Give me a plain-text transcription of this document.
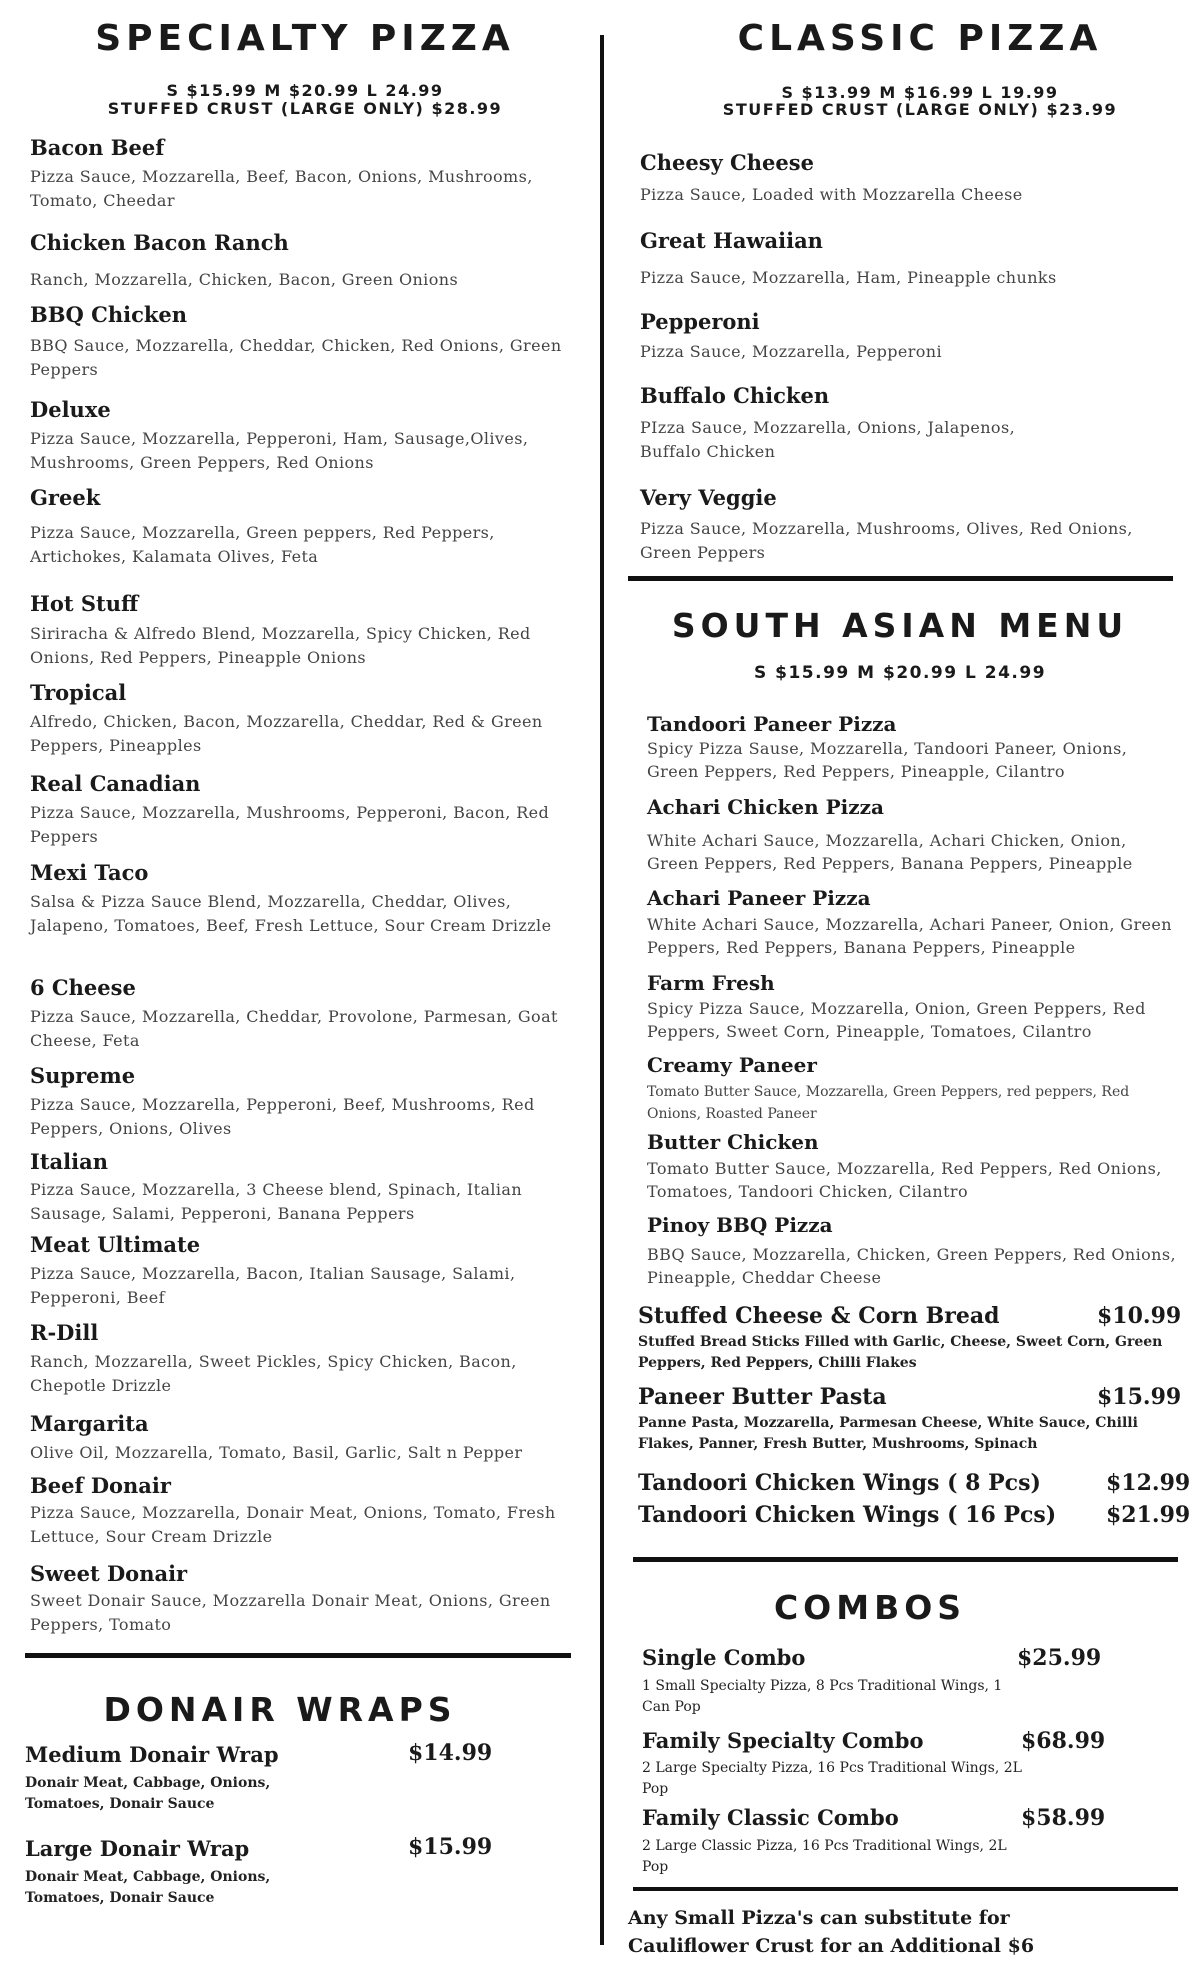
SPECIALTY PIZZA
S $15.99 M $20.99 L 24.99
STUFFED CRUST (LARGE ONLY) $28.99
Bacon Beef
Pizza Sauce, Mozzarella, Beef, Bacon, Onions, Mushrooms, Tomato, Cheedar
Chicken Bacon Ranch
Ranch, Mozzarella, Chicken, Bacon, Green Onions
BBQ Chicken
BBQ Sauce, Mozzarella, Cheddar, Chicken, Red Onions, Green Peppers
Deluxe
Pizza Sauce, Mozzarella, Pepperoni, Ham, Sausage,Olives, Mushrooms, Green Peppers, Red Onions
Greek
Pizza Sauce, Mozzarella, Green peppers, Red Peppers, Artichokes, Kalamata Olives, Feta
Hot Stuff
Siriracha & Alfredo Blend, Mozzarella, Spicy Chicken, Red Onions, Red Peppers, Pineapple Onions
Tropical
Alfredo, Chicken, Bacon, Mozzarella, Cheddar, Red & Green Peppers, Pineapples
Real Canadian
Pizza Sauce, Mozzarella, Mushrooms, Pepperoni, Bacon, Red Peppers
Mexi Taco
Salsa & Pizza Sauce Blend, Mozzarella, Cheddar, Olives, Jalapeno, Tomatoes, Beef, Fresh Lettuce, Sour Cream Drizzle
6 Cheese
Pizza Sauce, Mozzarella, Cheddar, Provolone, Parmesan, Goat Cheese, Feta
Supreme
Pizza Sauce, Mozzarella, Pepperoni, Beef, Mushrooms, Red Peppers, Onions, Olives
Italian
Pizza Sauce, Mozzarella, 3 Cheese blend, Spinach, Italian Sausage, Salami, Pepperoni, Banana Peppers
Meat Ultimate
Pizza Sauce, Mozzarella, Bacon, Italian Sausage, Salami, Pepperoni, Beef
R-Dill
Ranch, Mozzarella, Sweet Pickles, Spicy Chicken, Bacon, Chepotle Drizzle
Margarita
Olive Oil, Mozzarella, Tomato, Basil, Garlic, Salt n Pepper
Beef Donair
Pizza Sauce, Mozzarella, Donair Meat, Onions, Tomato, Fresh Lettuce, Sour Cream Drizzle
Sweet Donair
Sweet Donair Sauce, Mozzarella Donair Meat, Onions, Green Peppers, Tomato
DONAIR WRAPS
Medium Donair Wrap	$14.99
Donair Meat, Cabbage, Onions, Tomatoes, Donair Sauce
Large Donair Wrap	$15.99
Donair Meat, Cabbage, Onions, Tomatoes, Donair Sauce
CLASSIC PIZZA
S $13.99 M $16.99 L 19.99
STUFFED CRUST (LARGE ONLY) $23.99
Cheesy Cheese
Pizza Sauce, Loaded with Mozzarella Cheese
Great Hawaiian
Pizza Sauce, Mozzarella, Ham, Pineapple chunks
Pepperoni
Pizza Sauce, Mozzarella, Pepperoni
Buffalo Chicken
PIzza Sauce, Mozzarella, Onions, Jalapenos, Buffalo Chicken
Very Veggie
Pizza Sauce, Mozzarella, Mushrooms, Olives, Red Onions, Green Peppers
SOUTH ASIAN MENU
S $15.99 M $20.99 L 24.99
Tandoori Paneer Pizza
Spicy Pizza Sause, Mozzarella, Tandoori Paneer, Onions, Green Peppers, Red Peppers, Pineapple, Cilantro
Achari Chicken Pizza
White Achari Sauce, Mozzarella, Achari Chicken, Onion, Green Peppers, Red Peppers, Banana Peppers, Pineapple
Achari Paneer Pizza
White Achari Sauce, Mozzarella, Achari Paneer, Onion, Green Peppers, Red Peppers, Banana Peppers, Pineapple
Farm Fresh
Spicy Pizza Sauce, Mozzarella, Onion, Green Peppers, Red Peppers, Sweet Corn, Pineapple, Tomatoes, Cilantro
Creamy Paneer
Tomato Butter Sauce, Mozzarella, Green Peppers, red peppers, Red Onions, Roasted Paneer
Butter Chicken
Tomato Butter Sauce, Mozzarella, Red Peppers, Red Onions, Tomatoes, Tandoori Chicken, Cilantro
Pinoy BBQ Pizza
BBQ Sauce, Mozzarella, Chicken, Green Peppers, Red Onions, Pineapple, Cheddar Cheese
Stuffed Cheese & Corn Bread	$10.99
Stuffed Bread Sticks Filled with Garlic, Cheese, Sweet Corn, Green Peppers, Red Peppers, Chilli Flakes
Paneer Butter Pasta	$15.99
Panne Pasta, Mozzarella, Parmesan Cheese, White Sauce, Chilli Flakes, Panner, Fresh Butter, Mushrooms, Spinach
Tandoori Chicken Wings ( 8 Pcs)	$12.99
Tandoori Chicken Wings ( 16 Pcs) $21.99
COMBOS
Single Combo	$25.99
1 Small Specialty Pizza, 8 Pcs Traditional Wings, 1 Can Pop
Family Specialty Combo	$68.99
2 Large Specialty Pizza, 16 Pcs Traditional Wings, 2L Pop
Family Classic Combo	$58.99
2 Large Classic Pizza, 16 Pcs Traditional Wings, 2L Pop
Any Small Pizza's can substitute for Cauliflower Crust for an Additional $6
